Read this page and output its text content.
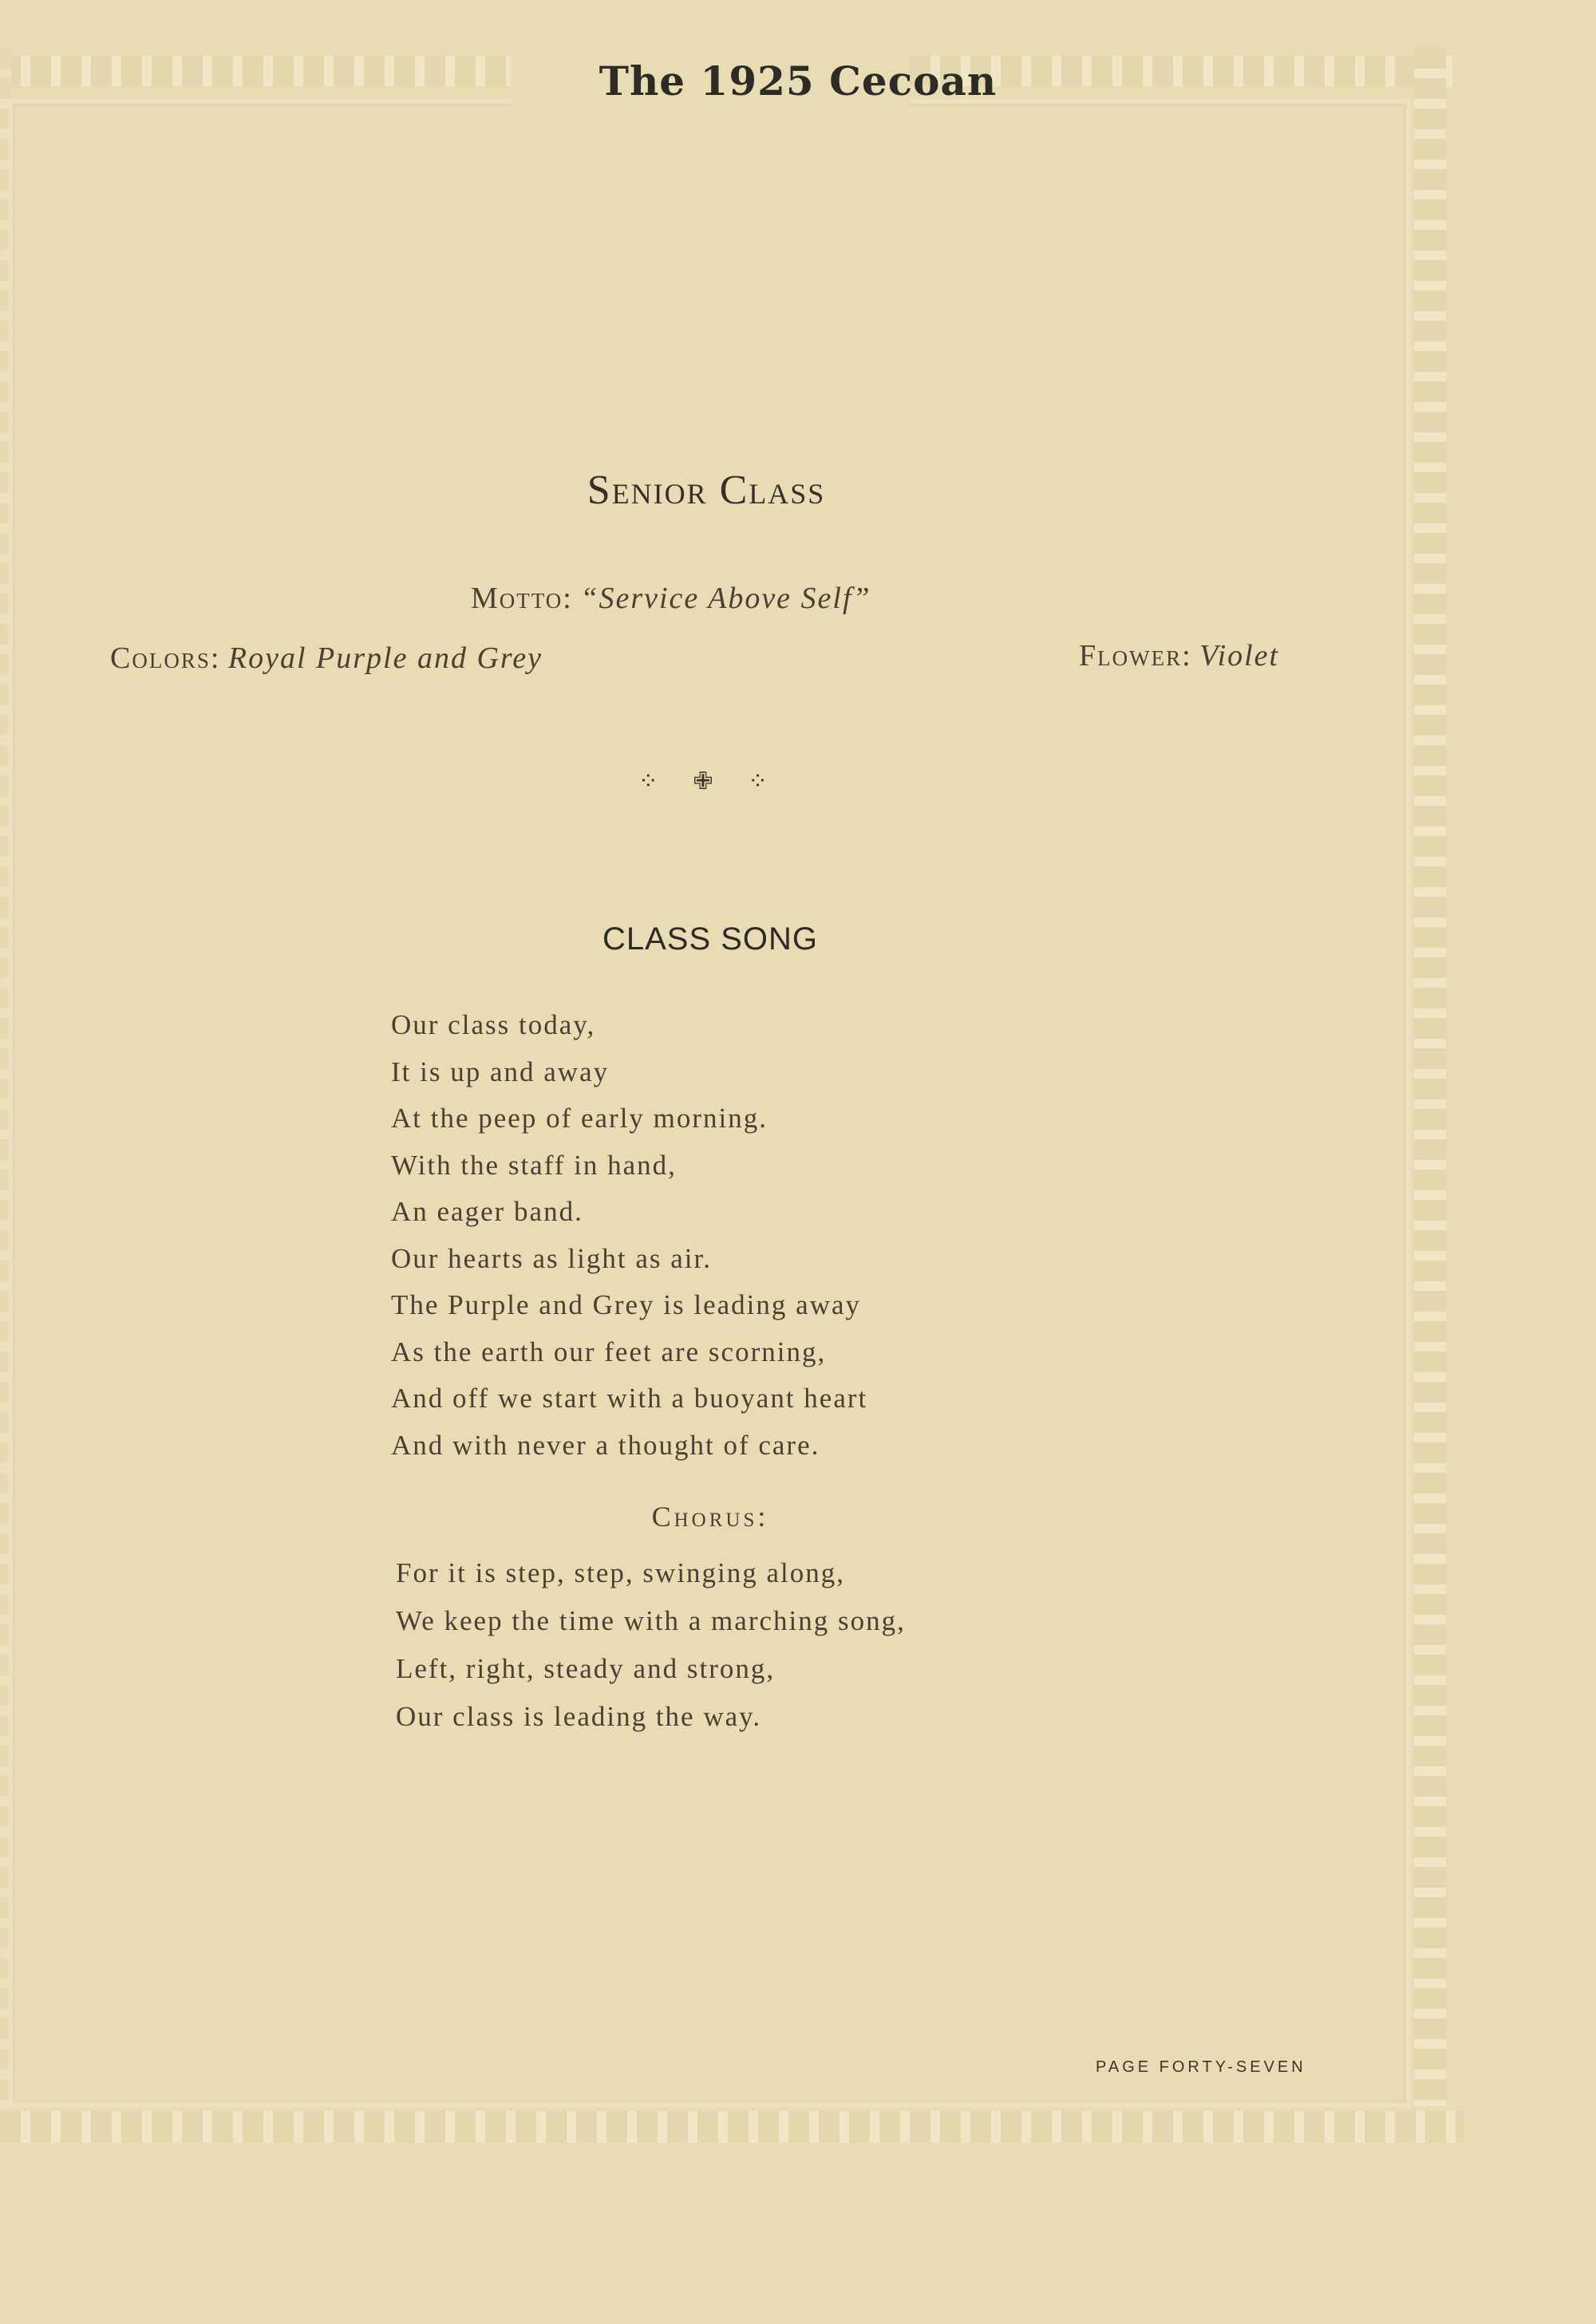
The 1925 Cecoan
Senior Class
Motto: “Service Above Self”
Colors: Royal Purple and Grey	Flower: Violet
⁘ ✙ ⁘
CLASS SONG
Our class today,
It is up and away
At the peep of early morning.
With the staff in hand,
An eager band.
Our hearts as light as air.
The Purple and Grey is leading away
As the earth our feet are scorning,
And off we start with a buoyant heart
And with never a thought of care.
Chorus:
For it is step, step, swinging along,
We keep the time with a marching song,
Left, right, steady and strong,
Our class is leading the way.
PAGE FORTY-SEVEN
